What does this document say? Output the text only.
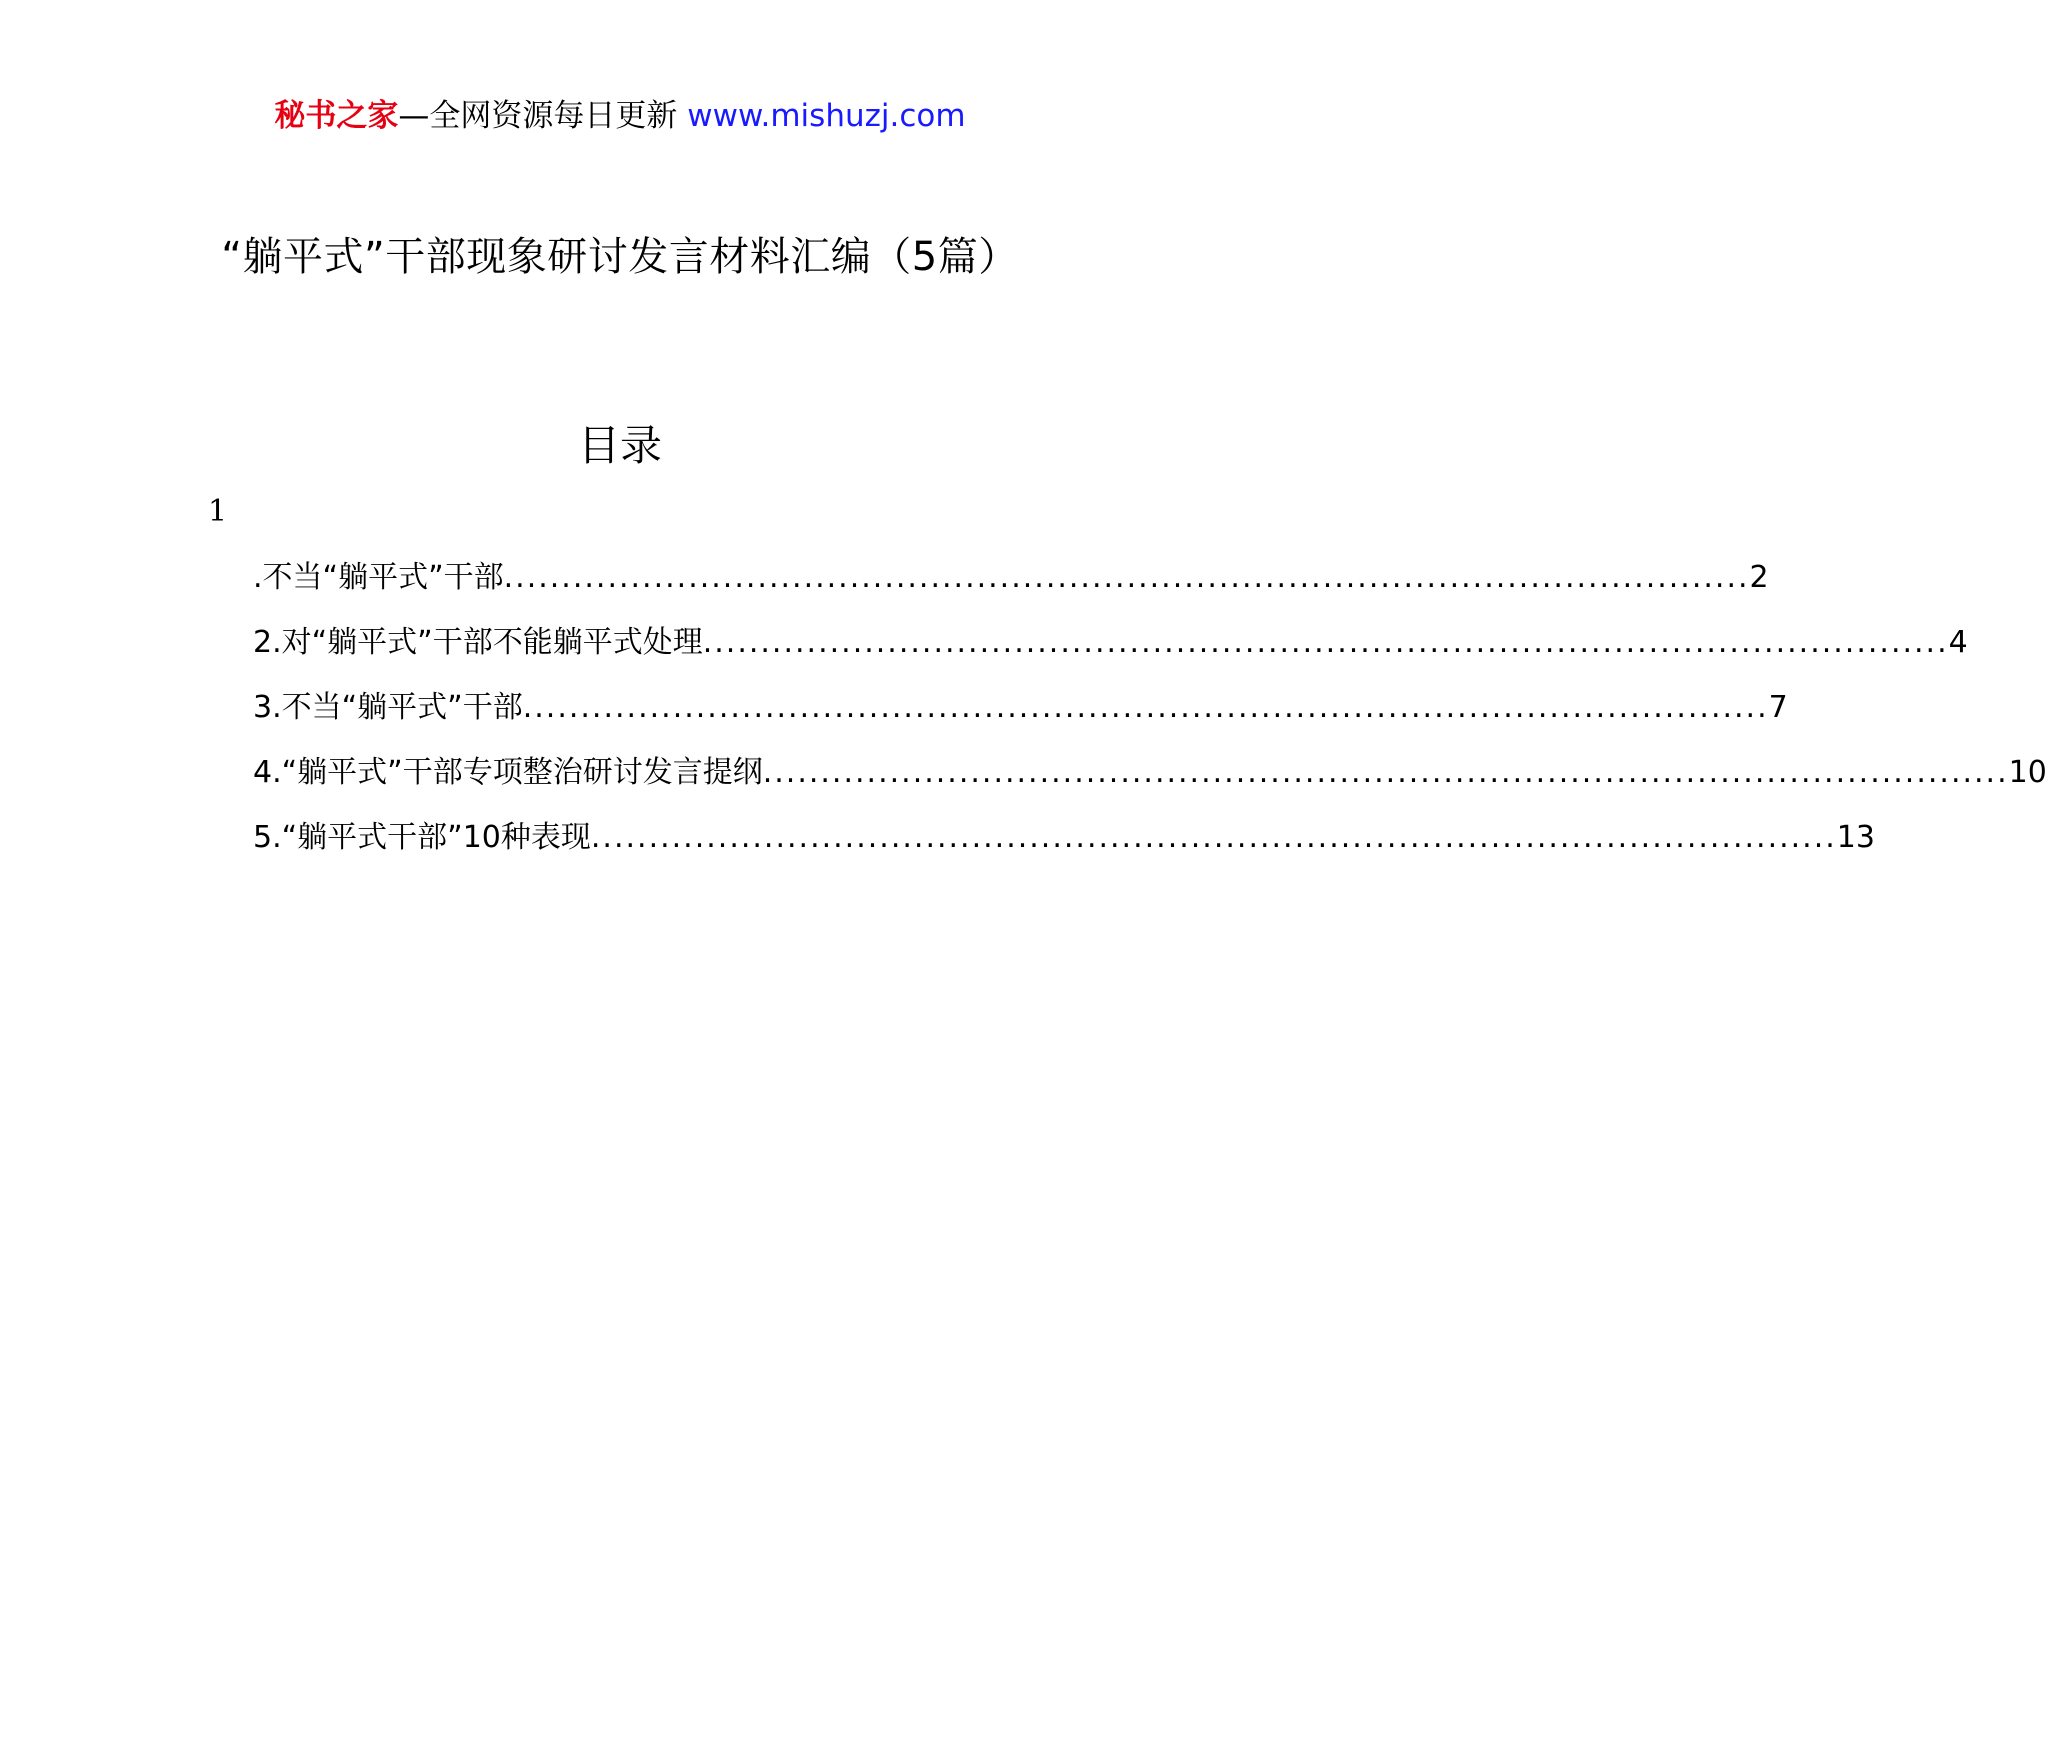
秘书之家—全网资源每日更新 www.mishuzj.com
“躺平式”干部现象研讨发言材料汇编（5篇）
目录
1
.不当“躺平式”干部 ............................................................................................................ 2
2.对“躺平式”干部不能躺平式处理 ............................................................................................................ 4
3.不当“躺平式”干部 ............................................................................................................ 7
4.“躺平式”干部专项整治研讨发言提纲 ............................................................................................................ 10
5.“躺平式干部”10种表现 ............................................................................................................ 13
